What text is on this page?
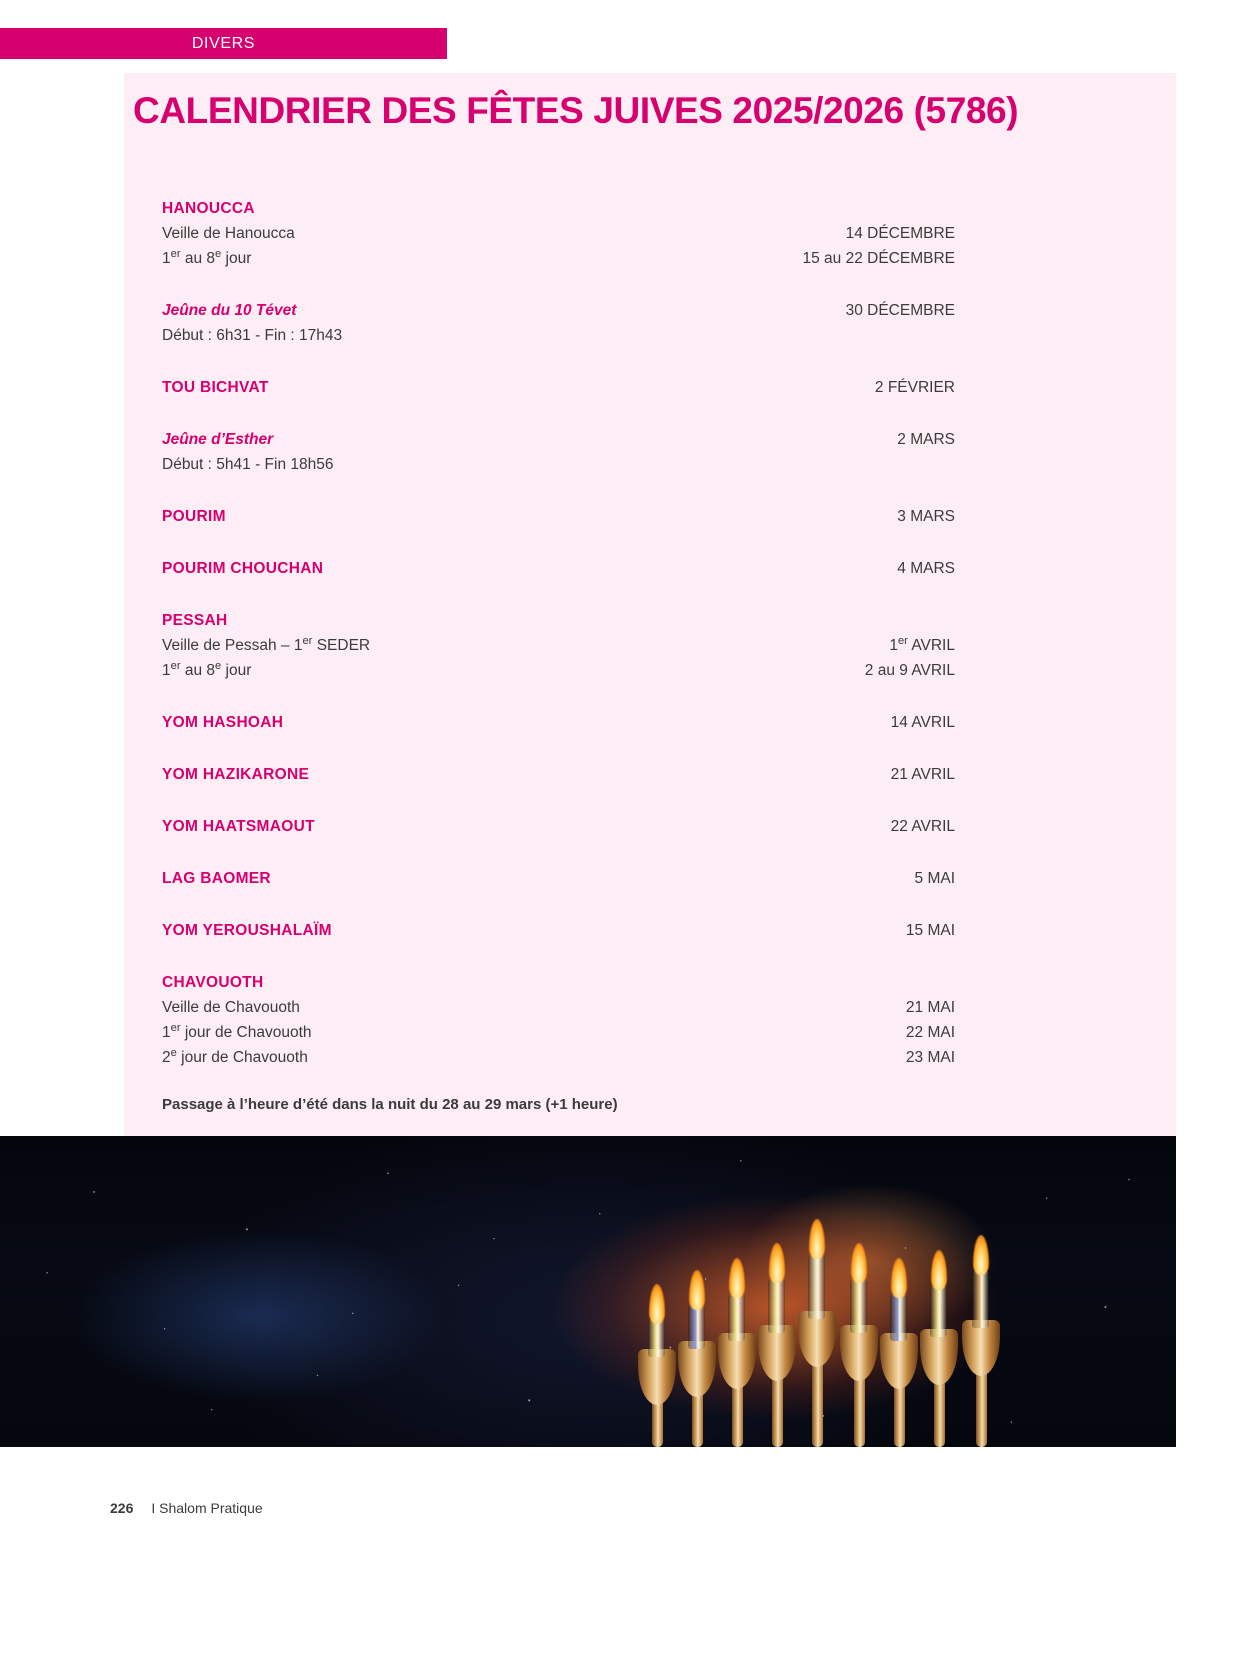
DIVERS
CALENDRIER DES FÊTES JUIVES 2025/2026 (5786)
HANOUCCA
Veille de Hanoucca	14 DÉCEMBRE
1er au 8e jour	15 au 22 DÉCEMBRE
Jeûne du 10 Tévet	30 DÉCEMBRE
Début : 6h31 - Fin : 17h43
TOU BICHVAT	2 FÉVRIER
Jeûne d’Esther	2 MARS
Début : 5h41 - Fin 18h56
POURIM	3 MARS
POURIM CHOUCHAN	4 MARS
PESSAH
Veille de Pessah – 1er SEDER	1er AVRIL
1er au 8e jour	2 au 9 AVRIL
YOM HASHOAH	14 AVRIL
YOM HAZIKARONE	21 AVRIL
YOM HAATSMAOUT	22 AVRIL
LAG BAOMER	5 MAI
YOM YEROUSHALAÏM	15 MAI
CHAVOUOTH
Veille de Chavouoth	21 MAI
1er jour de Chavouoth	22 MAI
2e jour de Chavouoth	23 MAI
Passage à l’heure d’été dans la nuit du 28 au 29 mars (+1 heure)
226 I Shalom Pratique
